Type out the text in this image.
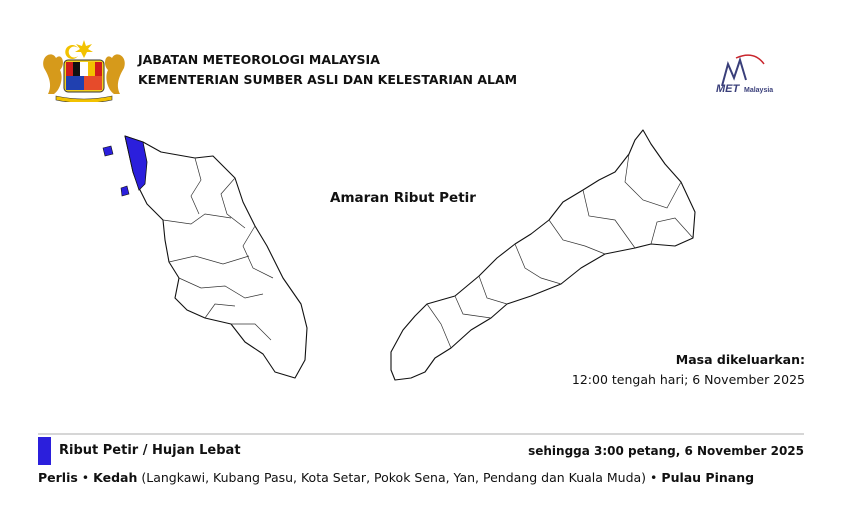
JABATAN METEOROLOGI MALAYSIA
KEMENTERIAN SUMBER ASLI DAN KELESTARIAN ALAM
MET Malaysia
Amaran Ribut Petir
Masa dikeluarkan:
12:00 tengah hari; 6 November 2025
Ribut Petir / Hujan Lebat	sehingga 3:00 petang, 6 November 2025
Perlis • Kedah (Langkawi, Kubang Pasu, Kota Setar, Pokok Sena, Yan, Pendang dan Kuala Muda) • Pulau Pinang
